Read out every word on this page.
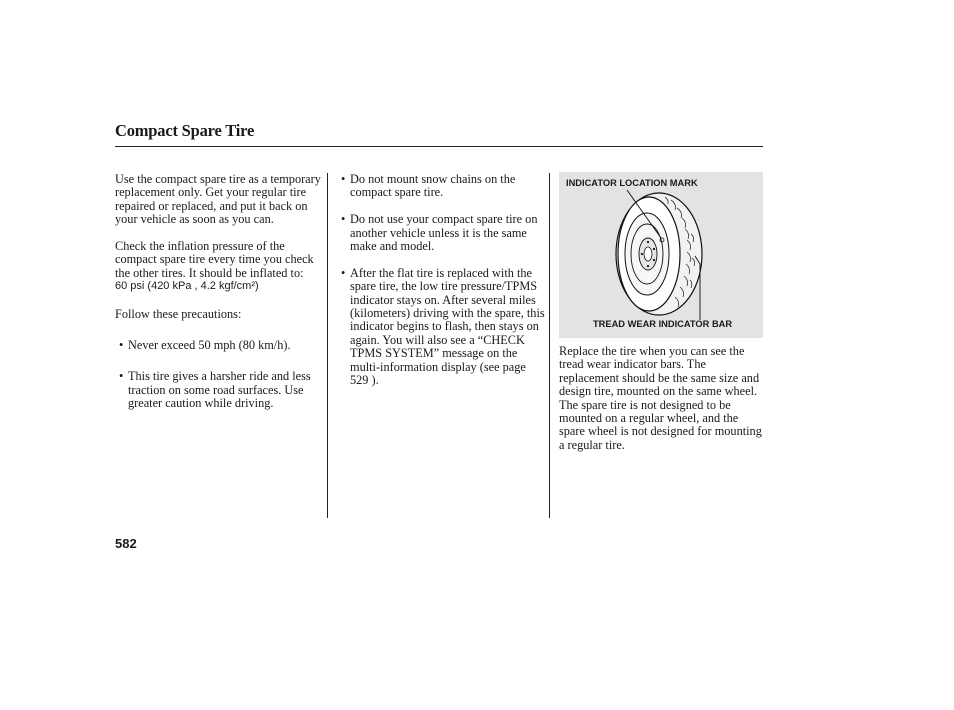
Compact Spare Tire

Use the compact spare tire as a temporary replacement only. Get your regular tire repaired or replaced, and put it back on your vehicle as soon as you can.

Check the inflation pressure of the compact spare tire every time you check the other tires. It should be inflated to:

60 psi (420 kPa , 4.2 kgf/cm²)

Follow these precautions:

• Never exceed 50 mph (80 km/h).
• This tire gives a harsher ride and less traction on some road surfaces. Use greater caution while driving.
• Do not mount snow chains on the compact spare tire.
• Do not use your compact spare tire on another vehicle unless it is the same make and model.
• After the flat tire is replaced with the spare tire, the low tire pressure/TPMS indicator stays on. After several miles (kilometers) driving with the spare, this indicator begins to flash, then stays on again. You will also see a “CHECK TPMS SYSTEM” message on the multi-information display (see page 529 ).
INDICATOR LOCATION MARK
TREAD WEAR INDICATOR BAR

Replace the tire when you can see the tread wear indicator bars. The replacement should be the same size and design tire, mounted on the same wheel. The spare tire is not designed to be mounted on a regular wheel, and the spare wheel is not designed for mounting a regular tire.

582
